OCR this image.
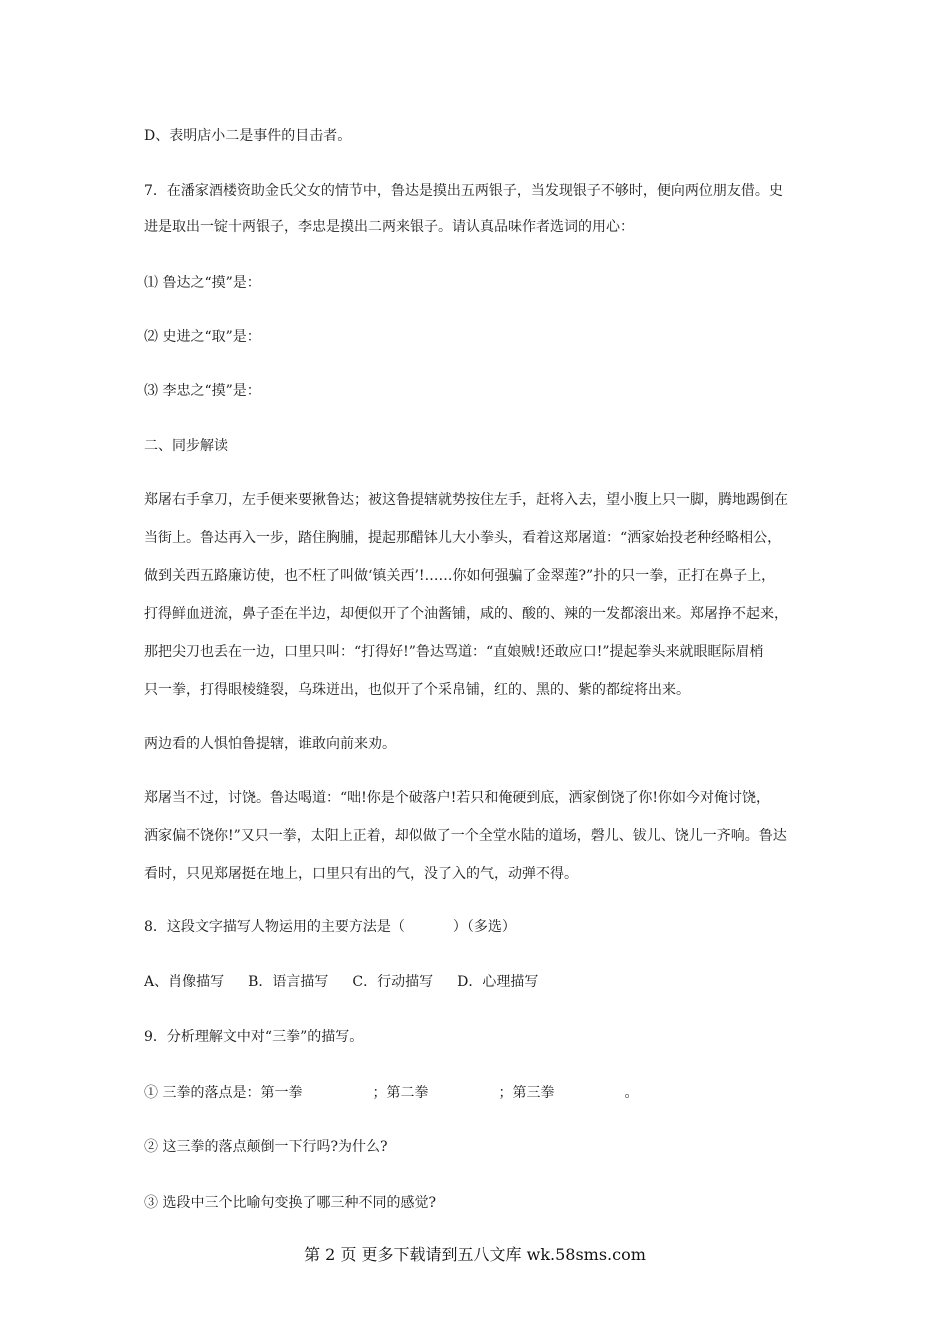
D、表明店小二是事件的目击者。
7．在潘家酒楼资助金氏父女的情节中，鲁达是摸出五两银子，当发现银子不够时，便向两位朋友借。史
进是取出一锭十两银子，李忠是摸出二两来银子。请认真品味作者选词的用心：
⑴ 鲁达之“摸”是：
⑵ 史进之“取”是：
⑶ 李忠之“摸”是：
二、同步解读
郑屠右手拿刀，左手便来要揪鲁达；被这鲁提辖就势按住左手，赶将入去，望小腹上只一脚，腾地踢倒在
当街上。鲁达再入一步，踏住胸脯，提起那醋钵儿大小拳头，看着这郑屠道：“洒家始投老种经略相公，
做到关西五路廉访使，也不枉了叫做‘镇关西’!……你如何强骗了金翠莲?”扑的只一拳，正打在鼻子上，
打得鲜血迸流，鼻子歪在半边，却便似开了个油酱铺，咸的、酸的、辣的一发都滚出来。郑屠挣不起来，
那把尖刀也丢在一边，口里只叫：“打得好!”鲁达骂道：“直娘贼!还敢应口!”提起拳头来就眼眶际眉梢
只一拳，打得眼棱缝裂，乌珠迸出，也似开了个采帛铺，红的、黑的、紫的都绽将出来。
两边看的人惧怕鲁提辖，谁敢向前来劝。
郑屠当不过，讨饶。鲁达喝道：“咄!你是个破落户!若只和俺硬到底，洒家倒饶了你!你如今对俺讨饶，
洒家偏不饶你!”又只一拳，太阳上正着，却似做了一个全堂水陆的道场，磬儿、钹儿、饶儿一齐响。鲁达
看时，只见郑屠挺在地上，口里只有出的气，没了入的气，动弹不得。
8．这段文字描写人物运用的主要方法是（	）（多选）
A、肖像描写 B．语言描写 C．行动描写 D．心理描写
9．分析理解文中对“三拳”的描写。
① 三拳的落点是：第一拳	；第二拳	；第三拳	。
② 这三拳的落点颠倒一下行吗?为什么?
③ 选段中三个比喻句变换了哪三种不同的感觉?
第 2 页 更多下载请到五八文库 wk.58sms.com
